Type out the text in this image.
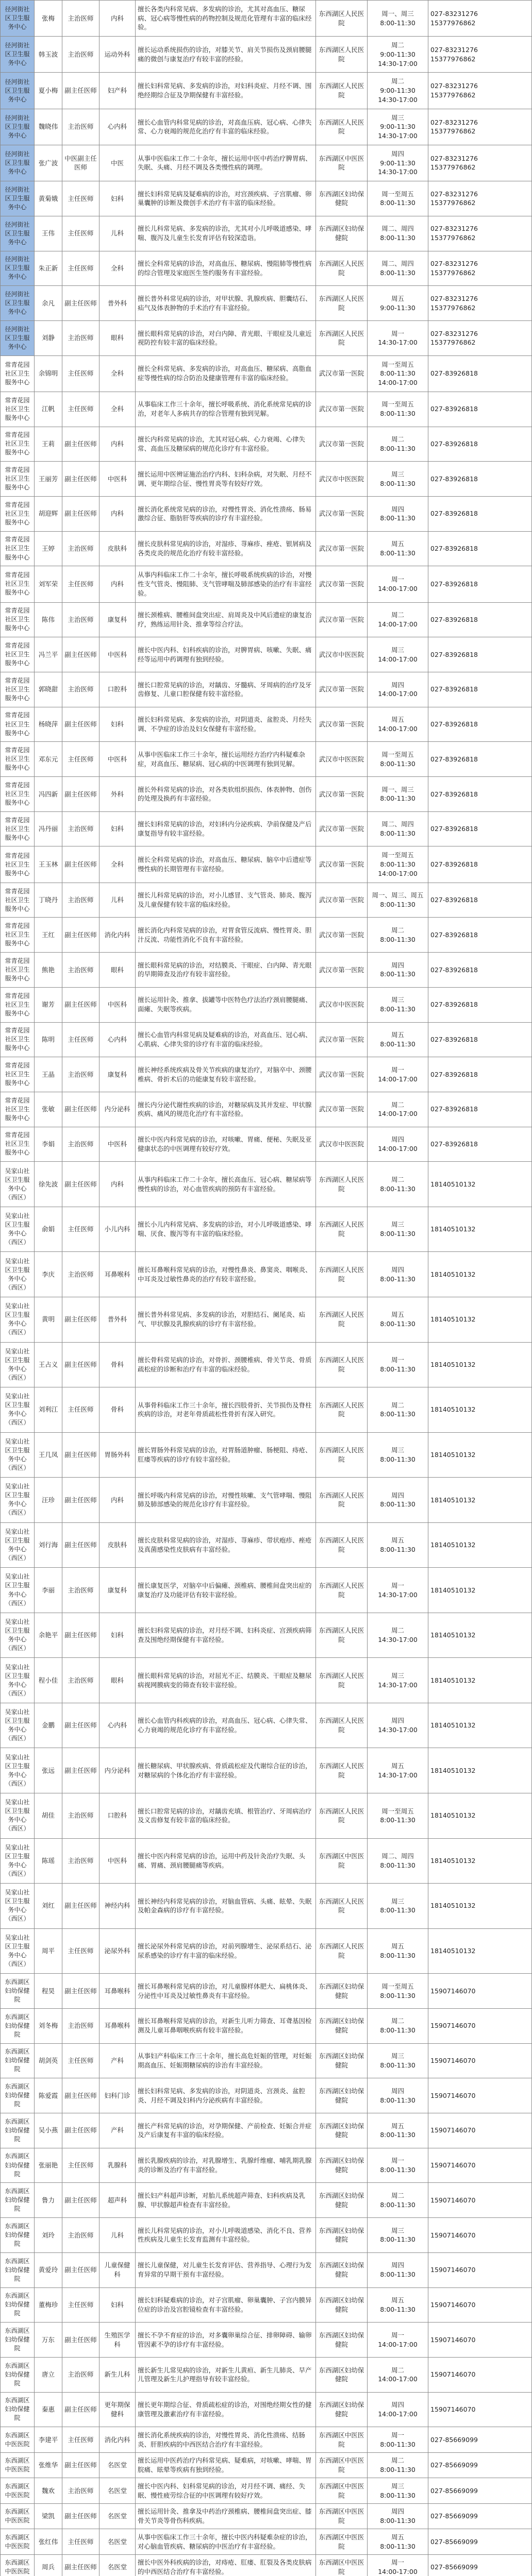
径河街社区卫生服务中心	张梅	主治医师	内科	擅长各类内科常见病、多发病的诊治，尤其对高血压、糖尿病、冠心病等慢性病的药物控制及规范化管理有丰富的临床经验。	东西湖区人民医院	周一、周三
8:00-11:30	027-83231276
15377976862
径河街社区卫生服务中心	韩玉波	主治医师	运动外科	擅长运动系统损伤的诊治，对膝关节、肩关节损伤及颈肩腰腿痛的微创与康复治疗有较丰富的经验。	东西湖区人民医院	周二
9:00-11:30
14:30-17:00	027-83231276
15377976862
径河街社区卫生服务中心	夏小梅	副主任医师	妇产科	擅长妇科常见病、多发病的诊治，对妇科炎症、月经不调、围绝经期综合征及孕期保健有丰富经验。	东西湖区人民医院	周二
9:00-11:30
14:30-17:00	027-83231276
15377976862
径河街社区卫生服务中心	魏晓伟	主治医师	心内科	擅长心血管内科常见病的诊治，对高血压病、冠心病、心律失常、心力衰竭的规范化治疗有丰富的临床经验。	东西湖区人民医院	周三
9:00-11:30
14:30-17:00	027-83231276
15377976862
径河街社区卫生服务中心	张广波	中医副主任医师	中医	从事中医临床工作二十余年，擅长运用中医中药治疗脾胃病、失眠、头痛、月经不调及各类慢性病的调理。	东西湖区中医医院	周四
9:00-11:30
14:30-17:00	027-83231276
15377976862
径河街社区卫生服务中心	黄菊娥	主任医师	妇科	擅长妇科常见病及疑难病的诊治，对宫颈疾病、子宫肌瘤、卵巢囊肿的诊断及微创手术治疗有丰富的临床经验。	东西湖区妇幼保健院	周一至周五
8:00-11:30	027-83231276
15377976862
径河街社区卫生服务中心	王伟	主任医师	儿科	擅长儿科常见病、多发病的诊治，尤其对小儿呼吸道感染、哮喘、腹泻及儿童生长发育评估有较深造诣。	东西湖区妇幼保健院	周二、周四
8:00-11:30	027-83231276
15377976862
径河街社区卫生服务中心	朱正新	主任医师	全科	擅长全科常见病的诊治，对高血压、糖尿病、慢阻肺等慢性病的综合管理及家庭医生签约服务有丰富经验。	东西湖区人民医院	周二、周四
8:00-11:30	027-83231276
15377976862
径河街社区卫生服务中心	余凡	副主任医师	普外科	擅长普外科常见病的诊治，对甲状腺、乳腺疾病、胆囊结石、疝气及体表肿物的手术治疗有丰富经验。	东西湖区人民医院	周五
9:00-11:30	027-83231276
15377976862
径河街社区卫生服务中心	刘静	主治医师	眼科	擅长眼科常见病的诊治，对白内障、青光眼、干眼症及儿童近视防控有较丰富的临床经验。	东西湖区人民医院	周一
14:30-17:00	027-83231276
15377976862
常青花园社区卫生服务中心	余锦明	主任医师	全科	擅长全科常见病、多发病的诊治，对高血压、糖尿病、高脂血症等慢性病的综合防治及健康管理有丰富的临床经验。	武汉市第一医院	周一至周五
8:00-11:30
14:00-17:00	027-83926818
常青花园社区卫生服务中心	江帆	主任医师	全科	从事临床工作三十余年，擅长呼吸系统、消化系统常见病的诊治，对老年人多病共存的综合管理有独到见解。	武汉市第一医院	周一至周五
8:00-11:30	027-83926818
常青花园社区卫生服务中心	王莉	副主任医师	内科	擅长内科常见病的诊治，尤其对冠心病、心力衰竭、心律失常、高血压及糖尿病的规范化诊疗有丰富经验。	武汉市第一医院	周二
8:00-11:30	027-83926818
常青花园社区卫生服务中心	王丽芳	副主任医师	中医科	擅长运用中医辨证施治治疗内科、妇科杂病，对失眠、月经不调、更年期综合征、慢性胃炎等有较好疗效。	武汉市中医医院	周三
8:00-11:30	027-83926818
常青花园社区卫生服务中心	胡迎辉	副主任医师	内科	擅长消化系统常见病的诊治，对慢性胃炎、消化性溃疡、肠易激综合征、脂肪肝等疾病的诊疗有丰富经验。	武汉市第一医院	周四
8:00-11:30	027-83926818
常青花园社区卫生服务中心	王婷	主治医师	皮肤科	擅长皮肤科常见病的诊治，对湿疹、荨麻疹、痤疮、银屑病及各类皮炎的规范化治疗有较丰富经验。	武汉市第一医院	周五
8:00-11:30	027-83926818
常青花园社区卫生服务中心	刘军荣	主任医师	内科	从事内科临床工作二十余年，擅长呼吸系统疾病的诊治，对慢性支气管炎、慢阻肺、支气管哮喘及肺部感染的治疗有丰富经验。	武汉市第一医院	周一
14:00-17:00	027-83926818
常青花园社区卫生服务中心	陈伟	主治医师	康复科	擅长颈椎病、腰椎间盘突出症、肩周炎及中风后遗症的康复治疗，熟练运用针灸、推拿等综合疗法。	武汉市第一医院	周二
14:00-17:00	027-83926818
常青花园社区卫生服务中心	冯兰平	副主任医师	中医科	擅长中医内科、妇科疾病的诊治，对脾胃病、咳嗽、失眠、痛经等运用中药调理有独到经验。	武汉市中医医院	周三
14:00-17:00	027-83926818
常青花园社区卫生服务中心	郭晓甜	主治医师	口腔科	擅长口腔常见病的诊治，对龋齿、牙髓病、牙周病的治疗及牙齿修复、儿童口腔保健有较丰富经验。	武汉市第一医院	周四
14:00-17:00	027-83926818
常青花园社区卫生服务中心	杨晓萍	副主任医师	妇科	擅长妇科常见病、多发病的诊治，对阴道炎、盆腔炎、月经失调、不孕症的诊治及妇女保健有丰富经验。	武汉市第一医院	周五
14:00-17:00	027-83926818
常青花园社区卫生服务中心	邓东元	主任医师	中医科	从事中医临床工作三十余年，擅长运用经方治疗内科疑难杂症，对高血压、糖尿病、冠心病的中医调理有独到见解。	武汉市中医医院	周一至周五
8:00-11:30	027-83926818
常青花园社区卫生服务中心	冯四新	副主任医师	外科	擅长外科常见病的诊治，对各类软组织损伤、体表肿物、创伤的处理及换药有丰富经验。	武汉市第一医院	周一、周三
8:00-11:30	027-83926818
常青花园社区卫生服务中心	冯丹丽	主治医师	妇科	擅长妇科常见病的诊治，对妇科内分泌疾病、孕前保健及产后康复指导有较丰富经验。	武汉市第一医院	周二、周四
8:00-11:30	027-83926818
常青花园社区卫生服务中心	王玉林	副主任医师	全科	擅长全科常见病的诊治，对高血压、糖尿病、脑卒中后遗症等慢性病的长期管理有丰富经验。	武汉市第一医院	周一至周五
8:00-11:30
14:00-17:00	027-83926818
常青花园社区卫生服务中心	丁晓丹	主治医师	儿科	擅长儿科常见病的诊治，对小儿感冒、支气管炎、肺炎、腹泻及儿童保健有较丰富的临床经验。	武汉市第一医院	周一、周三、周五
8:00-11:30	027-83926818
常青花园社区卫生服务中心	王红	副主任医师	消化内科	擅长消化内科常见病的诊治，对胃食管反流病、慢性胃炎、胆汁反流、功能性消化不良有丰富经验。	武汉市第一医院	周二
8:00-11:30	027-83926818
常青花园社区卫生服务中心	熊艳	主治医师	眼科	擅长眼科常见病的诊治，对结膜炎、干眼症、白内障、青光眼的早期筛查及治疗有较丰富经验。	武汉市第一医院	周四
8:00-11:30	027-83926818
常青花园社区卫生服务中心	谢芳	副主任医师	中医科	擅长运用针灸、推拿、拔罐等中医特色疗法治疗颈肩腰腿痛、面瘫、失眠等疾病。	武汉市中医医院	周三
8:00-11:30	027-83926818
常青花园社区卫生服务中心	陈明	主任医师	心内科	擅长心血管内科常见病及疑难病的诊治，对高血压、冠心病、心肌病、心律失常的诊疗有丰富的临床经验。	武汉市第一医院	周五
8:00-11:30	027-83926818
常青花园社区卫生服务中心	王晶	主治医师	康复科	擅长神经系统疾病及骨关节疾病的康复治疗，对脑卒中、颈腰椎病、骨折术后的功能康复有较丰富经验。	武汉市第一医院	周一
14:00-17:00	027-83926818
常青花园社区卫生服务中心	张敏	副主任医师	内分泌科	擅长内分泌代谢性疾病的诊治，对糖尿病及其并发症、甲状腺疾病、痛风的规范化治疗有丰富经验。	武汉市第一医院	周二
14:00-17:00	027-83926818
常青花园社区卫生服务中心	李娟	主治医师	中医科	擅长中医内科常见病的诊治，对咳嗽、胃痛、便秘、失眠及亚健康状态的中医调理有较好疗效。	武汉市中医医院	周四
14:00-17:00	027-83926818
吴家山社区卫生服务中心（西区）	徐先波	副主任医师	内科	从事内科临床工作二十余年，擅长高血压、冠心病、糖尿病等慢性病的诊治，对心血管疾病的预防有丰富经验。	东西湖区人民医院	周二
8:00-11:30	18140510132
吴家山社区卫生服务中心（西区）	俞娟	主任医师	小儿内科	擅长小儿内科常见病、多发病的诊治，对小儿呼吸道感染、哮喘、厌食、腹泻等有丰富的临床经验。	东西湖区人民医院	周三
8:00-11:30	18140510132
吴家山社区卫生服务中心（西区）	李庆	主治医师	耳鼻喉科	擅长耳鼻喉科常见病的诊治，对慢性鼻炎、鼻窦炎、咽喉炎、中耳炎及过敏性鼻炎的治疗有较丰富经验。	东西湖区人民医院	周四
8:00-11:30	18140510132
吴家山社区卫生服务中心（西区）	黄明	副主任医师	普外科	擅长普外科常见病、多发病的诊治，对胆结石、阑尾炎、疝气、甲状腺及乳腺疾病的诊疗有丰富经验。	东西湖区人民医院	周五
8:00-11:30	18140510132
吴家山社区卫生服务中心（西区）	王占义	副主任医师	骨科	擅长骨科常见病的诊治，对骨折、颈腰椎病、骨关节炎、骨质疏松症的诊断和治疗有丰富的临床经验。	东西湖区人民医院	周一
8:00-11:30	18140510132
吴家山社区卫生服务中心（西区）	刘利江	主任医师	骨科	从事骨科临床工作三十余年，擅长四肢骨折、关节损伤及脊柱疾病的诊治，对老年骨质疏松性骨折有深入研究。	东西湖区人民医院	周二
8:00-11:30	18140510132
吴家山社区卫生服务中心（西区）	王几凤	副主任医师	胃肠外科	擅长胃肠外科常见病的诊治，对胃肠道肿瘤、肠梗阻、痔疮、肛瘘等疾病的诊疗有较丰富经验。	东西湖区人民医院	周三
8:00-11:30	18140510132
吴家山社区卫生服务中心（西区）	汪珍	副主任医师	内科	擅长呼吸内科常见病的诊治，对慢性咳嗽、支气管哮喘、慢阻肺及肺部感染的规范化诊疗有丰富经验。	东西湖区人民医院	周四
8:00-11:30	18140510132
吴家山社区卫生服务中心（西区）	刘行海	副主任医师	皮肤科	擅长皮肤科常见病的诊治，对湿疹、荨麻疹、带状疱疹、痤疮及真菌感染性皮肤病有丰富经验。	东西湖区人民医院	周五
8:00-11:30	18140510132
吴家山社区卫生服务中心（西区）	李丽	主治医师	康复科	擅长康复医学，对脑卒中后偏瘫、颈椎病、腰椎间盘突出症的康复治疗及功能评估有较丰富经验。	东西湖区人民医院	周一
14:30-17:00	18140510132
吴家山社区卫生服务中心（西区）	余艳平	副主任医师	妇科	擅长妇科常见病的诊治，对月经不调、妇科炎症、宫颈疾病筛查及围绝经期保健有丰富经验。	东西湖区人民医院	周二
14:30-17:00	18140510132
吴家山社区卫生服务中心（西区）	程小佳	主治医师	眼科	擅长眼科常见病的诊治，对屈光不正、结膜炎、干眼症及糖尿病视网膜病变的筛查有较丰富经验。	东西湖区人民医院	周三
14:30-17:00	18140510132
吴家山社区卫生服务中心（西区）	金鹏	副主任医师	心内科	擅长心血管内科疾病的诊治，对高血压、冠心病、心律失常、心力衰竭的规范化诊疗有丰富经验。	东西湖区人民医院	周四
14:30-17:00	18140510132
吴家山社区卫生服务中心（西区）	张远	副主任医师	内分泌科	擅长糖尿病、甲状腺疾病、骨质疏松症及代谢综合征的诊治，对糖尿病的个体化治疗有丰富经验。	东西湖区人民医院	周五
14:30-17:00	18140510132
吴家山社区卫生服务中心（西区）	胡佳	主治医师	口腔科	擅长口腔常见病的诊治，对龋齿充填、根管治疗、牙周病治疗及义齿修复有较丰富的临床经验。	东西湖区人民医院	周一至周五
8:00-11:30	18140510132
吴家山社区卫生服务中心（西区）	陈瑶	主治医师	中医科	擅长中医内科常见病的诊治，运用中药及针灸治疗失眠、头痛、胃痛、颈肩腰腿痛等疾病。	东西湖区中医医院	周二、周四
8:00-11:30	18140510132
吴家山社区卫生服务中心（西区）	刘红	副主任医师	神经内科	擅长神经内科常见病的诊治，对脑血管病、头痛、眩晕、失眠及帕金森病的诊疗有丰富经验。	东西湖区人民医院	周三
8:00-11:30	18140510132
吴家山社区卫生服务中心（西区）	周平	主任医师	泌尿外科	擅长泌尿外科常见病的诊治，对前列腺增生、泌尿系结石、泌尿系感染的诊疗有丰富的临床经验。	东西湖区人民医院	周五
8:00-11:30	18140510132
东西湖区妇幼保健院	程昊	副主任医师	耳鼻喉科	擅长耳鼻喉科常见病的诊治，对儿童腺样体肥大、扁桃体炎、分泌性中耳炎及过敏性鼻炎有丰富经验。	东西湖区妇幼保健院	周一至周五
8:00-11:30	15907146070
东西湖区妇幼保健院	刘冬梅	主治医师	耳鼻喉科	擅长耳鼻喉科常见病的诊治，对新生儿听力筛查、耳聋基因检测及儿童耳鼻咽喉疾病有较丰富经验。	东西湖区妇幼保健院	周二
8:00-11:30	15907146070
东西湖区妇幼保健院	胡剑英	主任医师	产科	从事妇产科临床工作三十余年，擅长高危妊娠的管理，对妊娠期高血压、妊娠期糖尿病的诊治有丰富经验。	东西湖区妇幼保健院	周三
8:00-11:30	15907146070
东西湖区妇幼保健院	陈爱霞	副主任医师	妇科门诊	擅长妇科常见病、多发病的诊治，对阴道炎、宫颈炎、盆腔炎、月经不调及妇科内分泌疾病有丰富经验。	东西湖区妇幼保健院	周四
8:00-11:30	15907146070
东西湖区妇幼保健院	吴小燕	副主任医师	产科	擅长产科常见病的诊治，对孕期保健、产前检查、妊娠合并症及产后康复有丰富的临床经验。	东西湖区妇幼保健院	周五
8:00-11:30	15907146070
东西湖区妇幼保健院	张丽艳	主任医师	乳腺科	擅长乳腺疾病的诊治，对乳腺增生、乳腺纤维瘤、哺乳期乳腺炎的诊断及治疗有丰富经验。	东西湖区妇幼保健院	周一
8:00-11:30	15907146070
东西湖区妇幼保健院	鲁力	副主任医师	超声科	擅长妇产科超声诊断，对胎儿系统超声筛查、妇科疾病及乳腺、甲状腺超声检查有丰富经验。	东西湖区妇幼保健院	周二
8:00-11:30	15907146070
东西湖区妇幼保健院	刘玲	主治医师	儿科	擅长儿科常见病的诊治，对小儿呼吸道感染、消化不良、营养性疾病及儿童生长发育监测有丰富经验。	东西湖区妇幼保健院	周三
8:00-11:30	15907146070
东西湖区妇幼保健院	黄爱玲	副主任医师	儿童保健科	擅长儿童保健，对儿童生长发育评估、营养指导、心理行为发育异常的早期干预有丰富经验。	东西湖区妇幼保健院	周四
8:00-11:30	15907146070
东西湖区妇幼保健院	董梅珍	主任医师	妇科	擅长妇科疑难病的诊治，对子宫肌瘤、卵巢囊肿、子宫内膜异位症的诊治及宫腔镜检查有丰富经验。	东西湖区妇幼保健院	周五
8:00-11:30	15907146070
东西湖区妇幼保健院	万东	副主任医师	生殖医学科	擅长不孕不育症的诊治，对多囊卵巢综合征、排卵障碍、输卵管因素不孕的诊疗有丰富经验。	东西湖区妇幼保健院	周一
14:00-17:00	15907146070
东西湖区妇幼保健院	唐立	主治医师	新生儿科	擅长新生儿常见病的诊治，对新生儿黄疸、新生儿肺炎、早产儿管理及新生儿护理指导有较丰富经验。	东西湖区妇幼保健院	周二
14:00-17:00	15907146070
东西湖区妇幼保健院	秦惠	副主任医师	更年期保健科	擅长更年期综合征、骨质疏松症的诊治，对围绝经期女性的健康管理及激素治疗有丰富经验。	东西湖区妇幼保健院	周四
14:00-17:00	15907146070
东西湖区中医医院	李建平	主任医师	消化内科	擅长消化系统疾病的诊治，对慢性胃炎、消化性溃疡、结肠炎、肝胆疾病的中西医结合治疗有丰富经验。	东西湖区中医医院	周一
8:00-11:30	027-85669099
东西湖区中医医院	张维华	副主任医师	名医堂	擅长运用中医药治疗内科常见病、疑难病，对咳嗽、哮喘、胃脘痛、眩晕等疾病有独到经验。	东西湖区中医医院	周二
8:00-11:30	027-85669099
东西湖区中医医院	魏欢	主治医师	名医堂	擅长中医内科、妇科常见病的诊治，对月经不调、痛经、失眠、慢性疲劳综合征的中医调理有较好疗效。	东西湖区中医医院	周三
8:00-11:30	027-85669099
东西湖区中医医院	梁凯	副主任医师	名医堂	擅长运用针灸、推拿及中药治疗颈椎病、腰椎间盘突出症、膝骨关节炎等骨伤科疾病。	东西湖区中医医院	周四
8:00-11:30	027-85669099
东西湖区中医医院	张红伟	主任医师	名医堂	从事中医临床工作三十余年，擅长中医内科疑难杂症的诊治，对心脑血管疾病、糖尿病的中医治疗有丰富经验。	东西湖区中医医院	周五
8:00-11:30	027-85669099
东西湖区中医医院	周兵	副主任医师	名医堂	擅长中医外科疾病的诊治，对痔疮、肛瘘、肛裂及各类皮肤病的中西医结合治疗有丰富经验。	东西湖区中医医院	周一
14:00-17:00	027-85669099
